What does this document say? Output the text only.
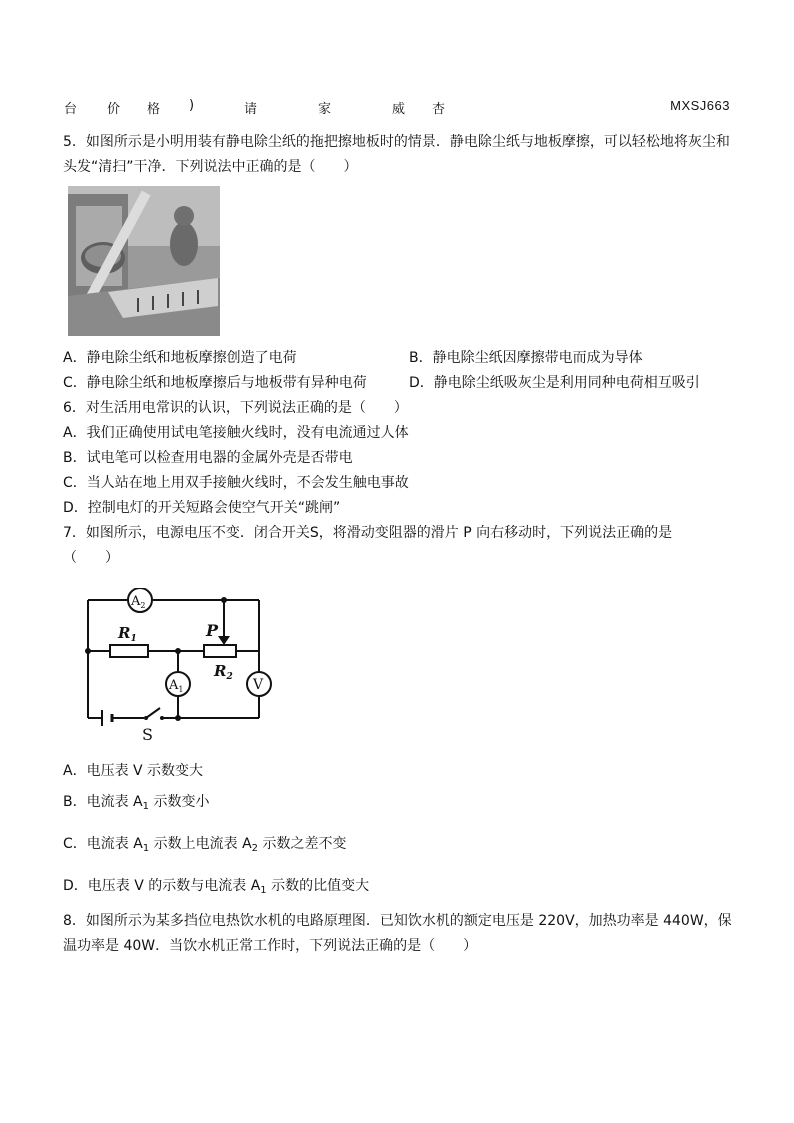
台 价 格 )	请	家	威 杏	MXSJ663
5．如图所示是小明用装有静电除尘纸的拖把擦地板时的情景．静电除尘纸与地板摩擦，可以轻松地将灰尘和
头发“清扫”干净．下列说法中正确的是（　　）
A．静电除尘纸和地板摩擦创造了电荷	B．静电除尘纸因摩擦带电而成为导体
C．静电除尘纸和地板摩擦后与地板带有异种电荷	D．静电除尘纸吸灰尘是利用同种电荷相互吸引
6．对生活用电常识的认识，下列说法正确的是（　　）
A．我们正确使用试电笔接触火线时，没有电流通过人体
B．试电笔可以检查用电器的金属外壳是否带电
C．当人站在地上用双手接触火线时，不会发生触电事故
D．控制电灯的开关短路会使空气开关“跳闸”
7．如图所示，电源电压不变．闭合开关S，将滑动变阻器的滑片 P 向右移动时，下列说法正确的是
（　　）
$A_2$
$A_1$	V
$R_1$
$R_2$
P
S
A．电压表 V 示数变大
B．电流表 $A_1$ 示数变小
C．电流表 $A_1$ 示数上电流表 $A_2$ 示数之差不变
D．电压表 V 的示数与电流表 $A_1$ 示数的比值变大
8．如图所示为某多挡位电热饮水机的电路原理图．已知饮水机的额定电压是 220V，加热功率是 440W，保
温功率是 40W．当饮水机正常工作时，下列说法正确的是（　　）
